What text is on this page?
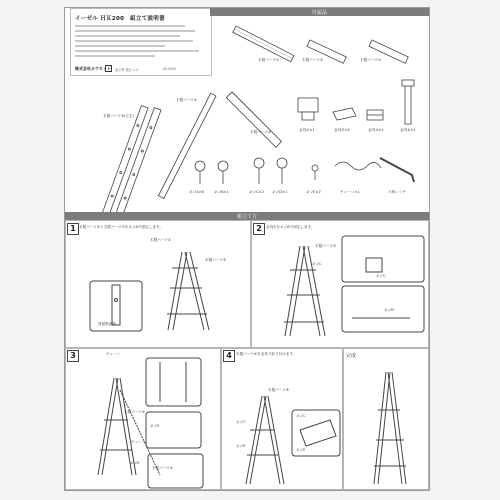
イーゼル ＨＫ200　組立て説明書
株式会社カウネット 東京都 港区 1-2	03-0000
付属品
木製パーツ③(左右)
木製パーツ④
木製パーツ④
木製パーツ①	木製パーツ②	木製パーツ③
金具①×1	金具②×2	金具③×1	金具④×1
ネジA×6	ネジB×1	ネジC×2 ネジD×1	ネジE×2	チェーン×1	六角レンチ
組立て方
1	2
3	4
木製パーツ①と木製パーツ②をネジAで固定します。	金具①をネジBで固定します。
木製パーツ④を金具で取り付けます。	完成
木製パーツ①
木製パーツ②
背面断面図
木製パーツ③
ネジC
ネジC
ネジD
木製パーツ④
チェーン
ネジE
ネジE
木製パーツ④
木製パーツ⑤
ネジC
ネジE
ネジC
ネジE
チェーン
